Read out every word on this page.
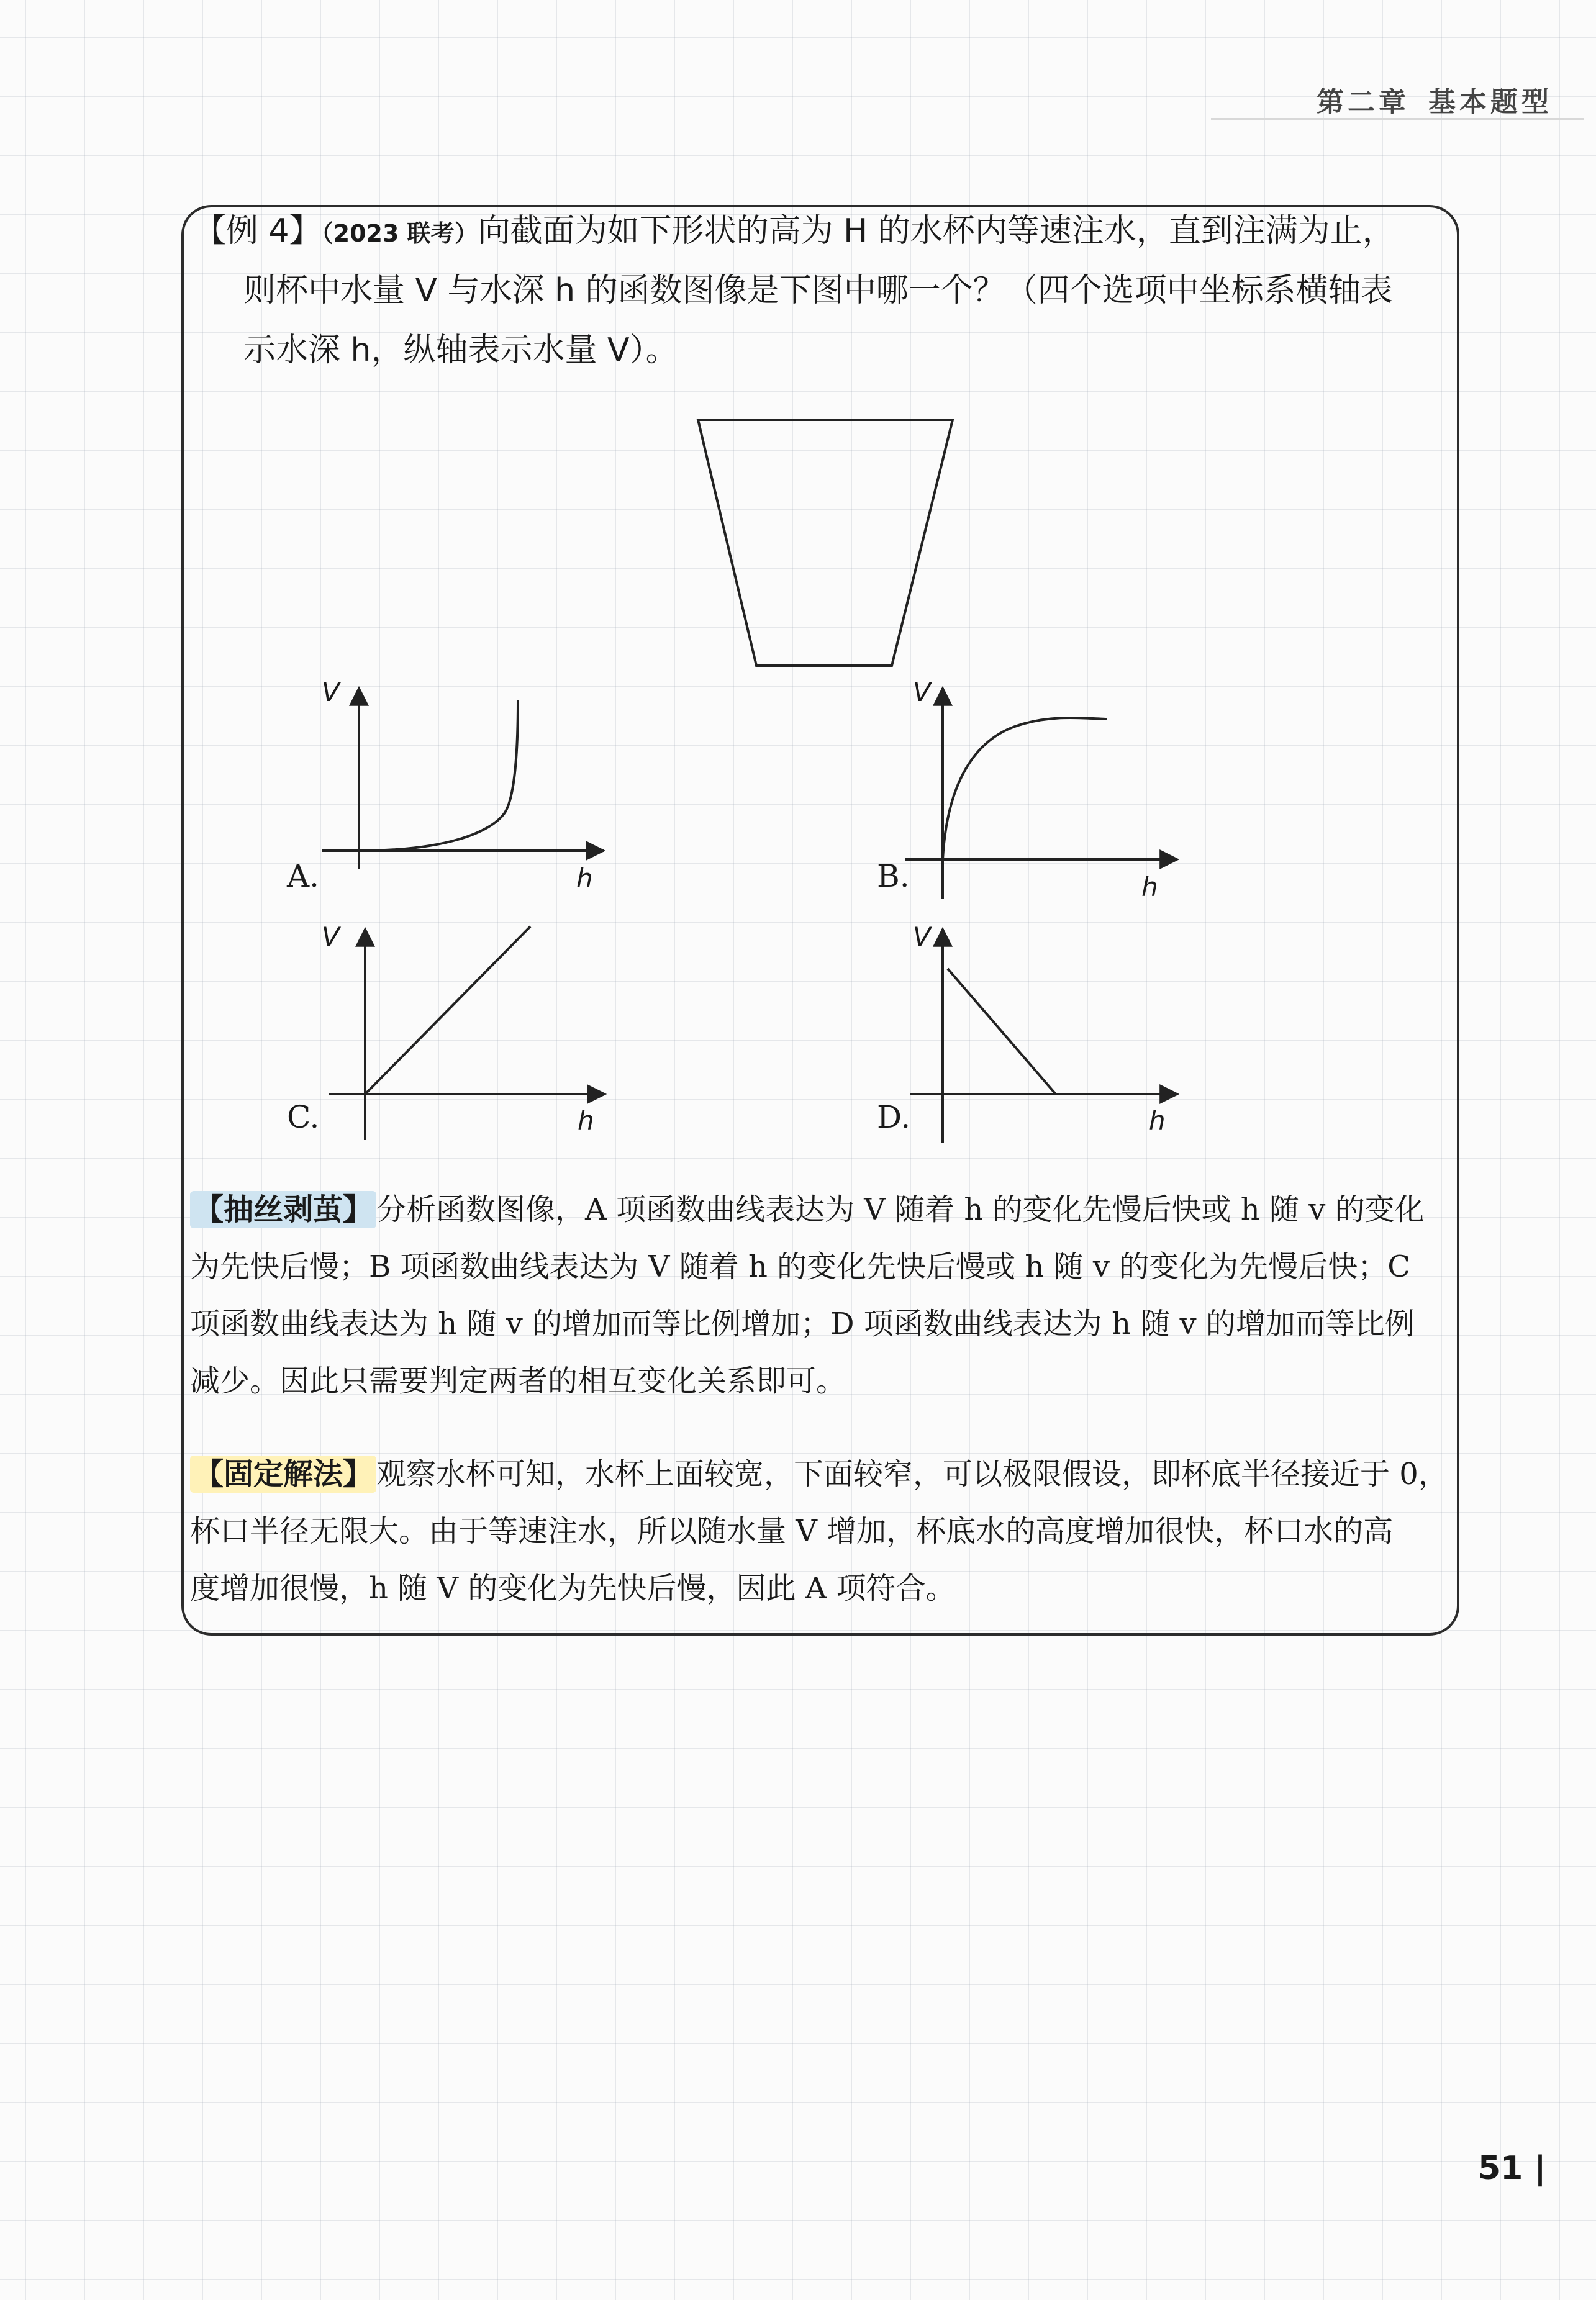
第二章 基本题型
【例 4】（2023 联考）向截面为如下形状的高为 H 的水杯内等速注水，直到注满为止，
则杯中水量 V 与水深 h 的函数图像是下图中哪一个？（四个选项中坐标系横轴表
示水深 h，纵轴表示水量 V）。
A.
V
h	B.
V
h
C.
V
h	D.
V
h
【抽丝剥茧】 分析函数图像，A 项函数曲线表达为 V 随着 h 的变化先慢后快或 h 随 v 的变化
为先快后慢；B 项函数曲线表达为 V 随着 h 的变化先快后慢或 h 随 v 的变化为先慢后快；C
项函数曲线表达为 h 随 v 的增加而等比例增加；D 项函数曲线表达为 h 随 v 的增加而等比例
减少。因此只需要判定两者的相互变化关系即可。
【固定解法】 观察水杯可知，水杯上面较宽，下面较窄，可以极限假设，即杯底半径接近于 0，
杯口半径无限大。由于等速注水，所以随水量 V 增加，杯底水的高度增加很快，杯口水的高
度增加很慢，h 随 V 的变化为先快后慢，因此 A 项符合。
51 |
